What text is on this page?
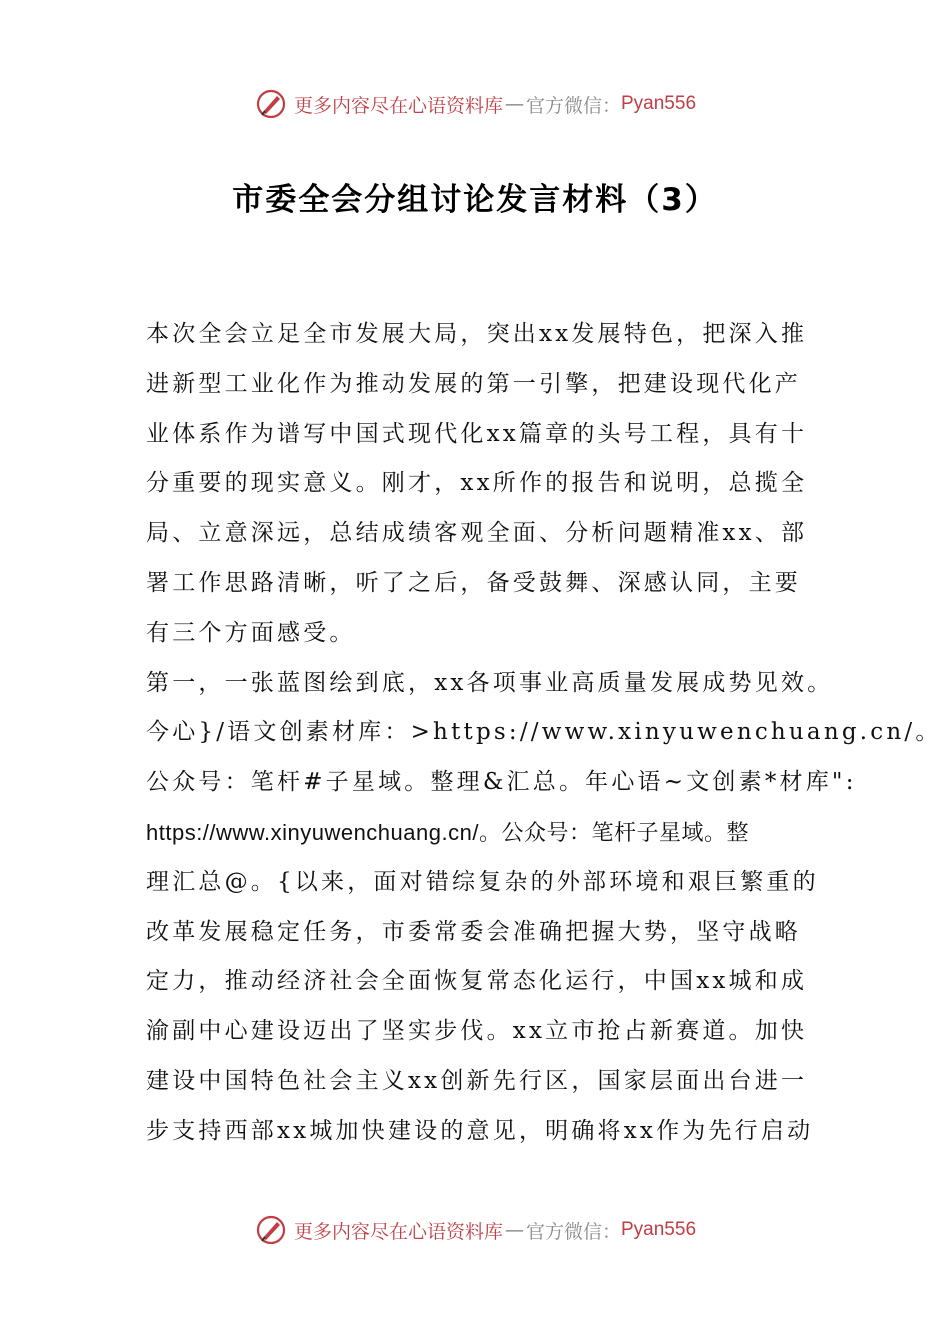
更多内容尽在心语资料库 — 官方微信： Pyan556
市委全会分组讨论发言材料（3）
本次全会立足全市发展大局，突出xx发展特色，把深入推
进新型工业化作为推动发展的第一引擎，把建设现代化产
业体系作为谱写中国式现代化xx篇章的头号工程，具有十
分重要的现实意义。刚才，xx所作的报告和说明，总揽全
局、立意深远，总结成绩客观全面、分析问题精准xx、部
署工作思路清晰，听了之后，备受鼓舞、深感认同，主要
有三个方面感受。
第一，一张蓝图绘到底，xx各项事业高质量发展成势见效。
今心}/语文创素材库：>https://www.xinyuwenchuang.cn/。
公众号：笔杆#子星域。整理&汇总。年心语~文创素*材库":
https://www.xinyuwenchuang.cn/。公众号：笔杆子星域。整
理汇总@。{以来，面对错综复杂的外部环境和艰巨繁重的
改革发展稳定任务，市委常委会准确把握大势，坚守战略
定力，推动经济社会全面恢复常态化运行，中国xx城和成
渝副中心建设迈出了坚实步伐。xx立市抢占新赛道。加快
建设中国特色社会主义xx创新先行区，国家层面出台进一
步支持西部xx城加快建设的意见，明确将xx作为先行启动
更多内容尽在心语资料库 — 官方微信： Pyan556
